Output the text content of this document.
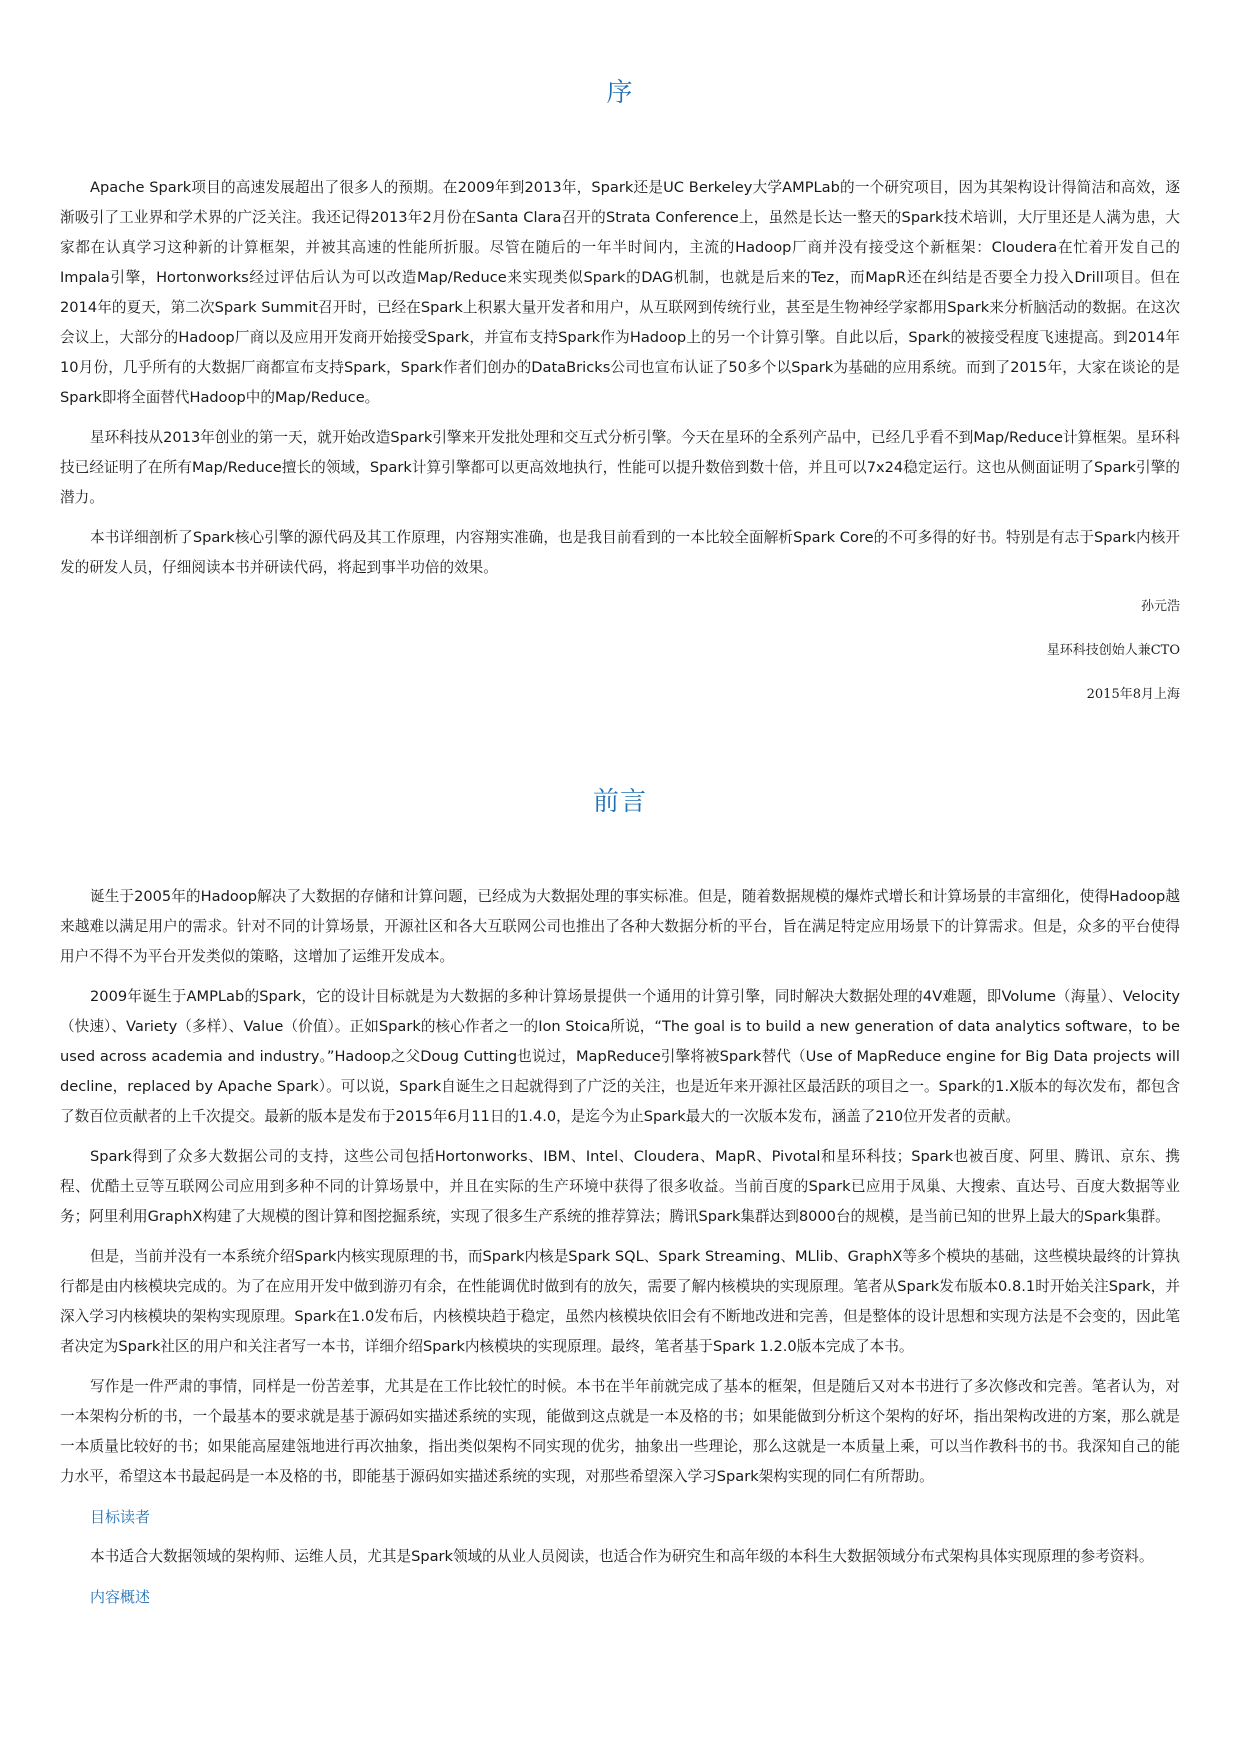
序

Apache Spark项目的高速发展超出了很多人的预期。在2009年到2013年，Spark还是UC Berkeley大学AMPLab的一个研究项目，因为其架构设计得简洁和高效，逐渐吸引了工业界和学术界的广泛关注。我还记得2013年2月份在Santa Clara召开的Strata Conference上，虽然是长达一整天的Spark技术培训，大厅里还是人满为患，大家都在认真学习这种新的计算框架，并被其高速的性能所折服。尽管在随后的一年半时间内，主流的Hadoop厂商并没有接受这个新框架：Cloudera在忙着开发自己的Impala引擎，Hortonworks经过评估后认为可以改造Map/Reduce来实现类似Spark的DAG机制，也就是后来的Tez，而MapR还在纠结是否要全力投入Drill项目。但在2014年的夏天，第二次Spark Summit召开时，已经在Spark上积累大量开发者和用户，从互联网到传统行业，甚至是生物神经学家都用Spark来分析脑活动的数据。在这次会议上，大部分的Hadoop厂商以及应用开发商开始接受Spark，并宣布支持Spark作为Hadoop上的另一个计算引擎。自此以后，Spark的被接受程度飞速提高。到2014年10月份，几乎所有的大数据厂商都宣布支持Spark，Spark作者们创办的DataBricks公司也宣布认证了50多个以Spark为基础的应用系统。而到了2015年，大家在谈论的是Spark即将全面替代Hadoop中的Map/Reduce。

星环科技从2013年创业的第一天，就开始改造Spark引擎来开发批处理和交互式分析引擎。今天在星环的全系列产品中，已经几乎看不到Map/Reduce计算框架。星环科技已经证明了在所有Map/Reduce擅长的领域，Spark计算引擎都可以更高效地执行，性能可以提升数倍到数十倍，并且可以7x24稳定运行。这也从侧面证明了Spark引擎的潜力。

本书详细剖析了Spark核心引擎的源代码及其工作原理，内容翔实准确，也是我目前看到的一本比较全面解析Spark Core的不可多得的好书。特别是有志于Spark内核开发的研发人员，仔细阅读本书并研读代码，将起到事半功倍的效果。

孙元浩

星环科技创始人兼CTO

2015年8月上海

前言

诞生于2005年的Hadoop解决了大数据的存储和计算问题，已经成为大数据处理的事实标准。但是，随着数据规模的爆炸式增长和计算场景的丰富细化，使得Hadoop越来越难以满足用户的需求。针对不同的计算场景，开源社区和各大互联网公司也推出了各种大数据分析的平台，旨在满足特定应用场景下的计算需求。但是，众多的平台使得用户不得不为平台开发类似的策略，这增加了运维开发成本。

2009年诞生于AMPLab的Spark，它的设计目标就是为大数据的多种计算场景提供一个通用的计算引擎，同时解决大数据处理的4V难题，即Volume（海量）、Velocity（快速）、Variety（多样）、Value（价值）。正如Spark的核心作者之一的Ion Stoica所说，“The goal is to build a new generation of data analytics software，to be used across academia and industry。”Hadoop之父Doug Cutting也说过，MapReduce引擎将被Spark替代（Use of MapReduce engine for Big Data projects will decline，replaced by Apache Spark）。可以说，Spark自诞生之日起就得到了广泛的关注，也是近年来开源社区最活跃的项目之一。Spark的1.X版本的每次发布，都包含了数百位贡献者的上千次提交。最新的版本是发布于2015年6月11日的1.4.0，是迄今为止Spark最大的一次版本发布，涵盖了210位开发者的贡献。

Spark得到了众多大数据公司的支持，这些公司包括Hortonworks、IBM、Intel、Cloudera、MapR、Pivotal和星环科技；Spark也被百度、阿里、腾讯、京东、携程、优酷土豆等互联网公司应用到多种不同的计算场景中，并且在实际的生产环境中获得了很多收益。当前百度的Spark已应用于凤巢、大搜索、直达号、百度大数据等业务；阿里利用GraphX构建了大规模的图计算和图挖掘系统，实现了很多生产系统的推荐算法；腾讯Spark集群达到8000台的规模，是当前已知的世界上最大的Spark集群。

但是，当前并没有一本系统介绍Spark内核实现原理的书，而Spark内核是Spark SQL、Spark Streaming、MLlib、GraphX等多个模块的基础，这些模块最终的计算执行都是由内核模块完成的。为了在应用开发中做到游刃有余，在性能调优时做到有的放矢，需要了解内核模块的实现原理。笔者从Spark发布版本0.8.1时开始关注Spark，并深入学习内核模块的架构实现原理。Spark在1.0发布后，内核模块趋于稳定，虽然内核模块依旧会有不断地改进和完善，但是整体的设计思想和实现方法是不会变的，因此笔者决定为Spark社区的用户和关注者写一本书，详细介绍Spark内核模块的实现原理。最终，笔者基于Spark 1.2.0版本完成了本书。

写作是一件严肃的事情，同样是一份苦差事，尤其是在工作比较忙的时候。本书在半年前就完成了基本的框架，但是随后又对本书进行了多次修改和完善。笔者认为，对一本架构分析的书，一个最基本的要求就是基于源码如实描述系统的实现，能做到这点就是一本及格的书；如果能做到分析这个架构的好坏，指出架构改进的方案，那么就是一本质量比较好的书；如果能高屋建瓴地进行再次抽象，指出类似架构不同实现的优劣，抽象出一些理论，那么这就是一本质量上乘，可以当作教科书的书。我深知自己的能力水平，希望这本书最起码是一本及格的书，即能基于源码如实描述系统的实现，对那些希望深入学习Spark架构实现的同仁有所帮助。

目标读者

本书适合大数据领域的架构师、运维人员，尤其是Spark领域的从业人员阅读，也适合作为研究生和高年级的本科生大数据领域分布式架构具体实现原理的参考资料。

内容概述
